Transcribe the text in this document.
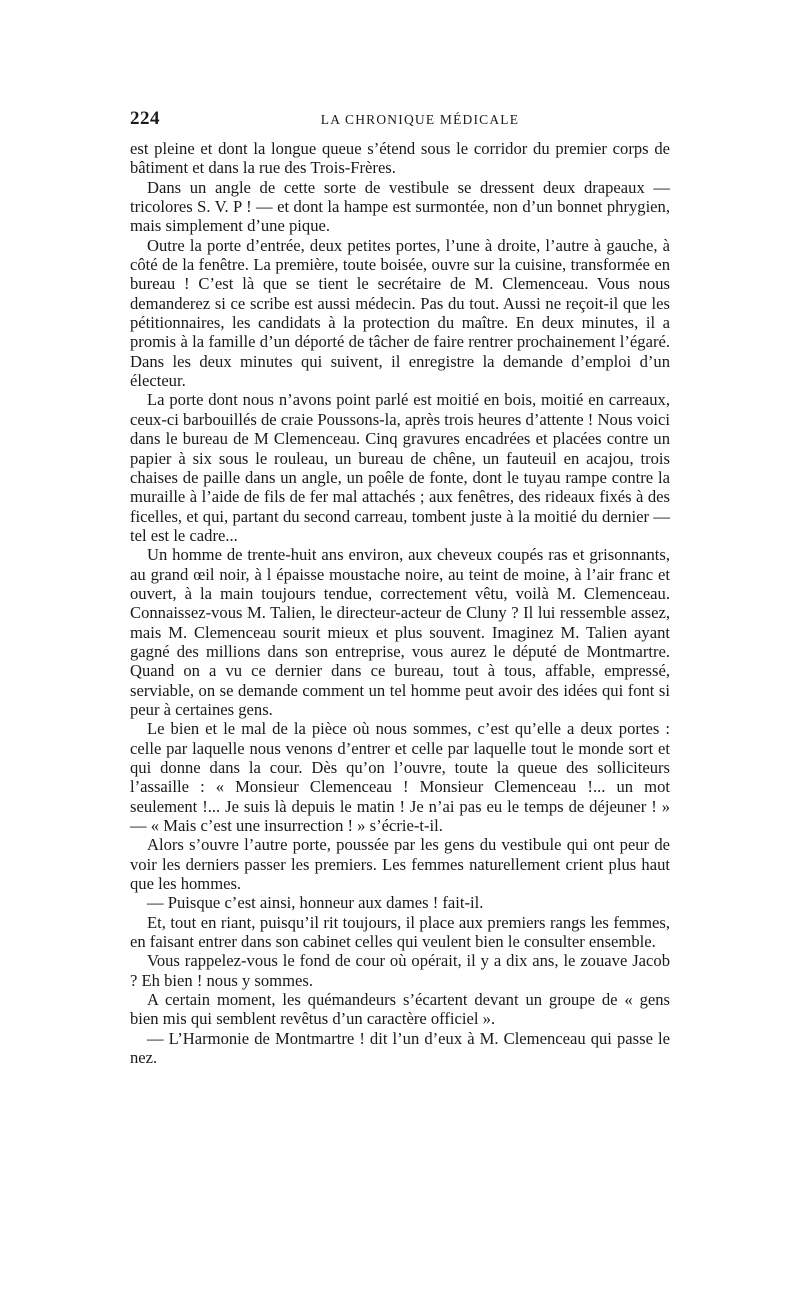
224	LA CHRONIQUE MÉDICALE

est pleine et dont la longue queue s’étend sous le corridor du premier corps de bâtiment et dans la rue des Trois-Frères.

Dans un angle de cette sorte de vestibule se dressent deux drapeaux — tricolores S. V. P ! — et dont la hampe est surmontée, non d’un bonnet phrygien, mais simplement d’une pique.

Outre la porte d’entrée, deux petites portes, l’une à droite, l’autre à gauche, à côté de la fenêtre. La première, toute boisée, ouvre sur la cuisine, transformée en bureau ! C’est là que se tient le secrétaire de M. Clemenceau. Vous nous demanderez si ce scribe est aussi médecin. Pas du tout. Aussi ne reçoit-il que les pétitionnaires, les candidats à la protection du maître. En deux minutes, il a promis à la famille d’un déporté de tâcher de faire rentrer prochainement l’égaré. Dans les deux minutes qui suivent, il enregistre la demande d’emploi d’un électeur.

La porte dont nous n’avons point parlé est moitié en bois, moitié en carreaux, ceux-ci barbouillés de craie Poussons-la, après trois heures d’attente ! Nous voici dans le bureau de M Clemenceau. Cinq gravures encadrées et placées contre un papier à six sous le rouleau, un bureau de chêne, un fauteuil en acajou, trois chaises de paille dans un angle, un poêle de fonte, dont le tuyau rampe contre la muraille à l’aide de fils de fer mal attachés ; aux fenêtres, des rideaux fixés à des ficelles, et qui, partant du second carreau, tombent juste à la moitié du dernier — tel est le cadre...

Un homme de trente-huit ans environ, aux cheveux coupés ras et grisonnants, au grand œil noir, à l épaisse moustache noire, au teint de moine, à l’air franc et ouvert, à la main toujours tendue, correctement vêtu, voilà M. Clemenceau. Connaissez-vous M. Talien, le directeur-acteur de Cluny ? Il lui ressemble assez, mais M. Clemenceau sourit mieux et plus souvent. Imaginez M. Talien ayant gagné des millions dans son entreprise, vous aurez le député de Montmartre. Quand on a vu ce dernier dans ce bureau, tout à tous, affable, empressé, serviable, on se demande comment un tel homme peut avoir des idées qui font si peur à certaines gens.

Le bien et le mal de la pièce où nous sommes, c’est qu’elle a deux portes : celle par laquelle nous venons d’entrer et celle par laquelle tout le monde sort et qui donne dans la cour. Dès qu’on l’ouvre, toute la queue des solliciteurs l’assaille : « Monsieur Clemenceau ! Monsieur Clemenceau !... un mot seulement !... Je suis là depuis le matin ! Je n’ai pas eu le temps de déjeuner ! » — « Mais c’est une insurrection ! » s’écrie-t-il.

Alors s’ouvre l’autre porte, poussée par les gens du vestibule qui ont peur de voir les derniers passer les premiers. Les femmes naturellement crient plus haut que les hommes.

— Puisque c’est ainsi, honneur aux dames ! fait-il.

Et, tout en riant, puisqu’il rit toujours, il place aux premiers rangs les femmes, en faisant entrer dans son cabinet celles qui veulent bien le consulter ensemble.

Vous rappelez-vous le fond de cour où opérait, il y a dix ans, le zouave Jacob ? Eh bien ! nous y sommes.

A certain moment, les quémandeurs s’écartent devant un groupe de « gens bien mis qui semblent revêtus d’un caractère officiel ».

— L’Harmonie de Montmartre ! dit l’un d’eux à M. Clemenceau qui passe le nez.
